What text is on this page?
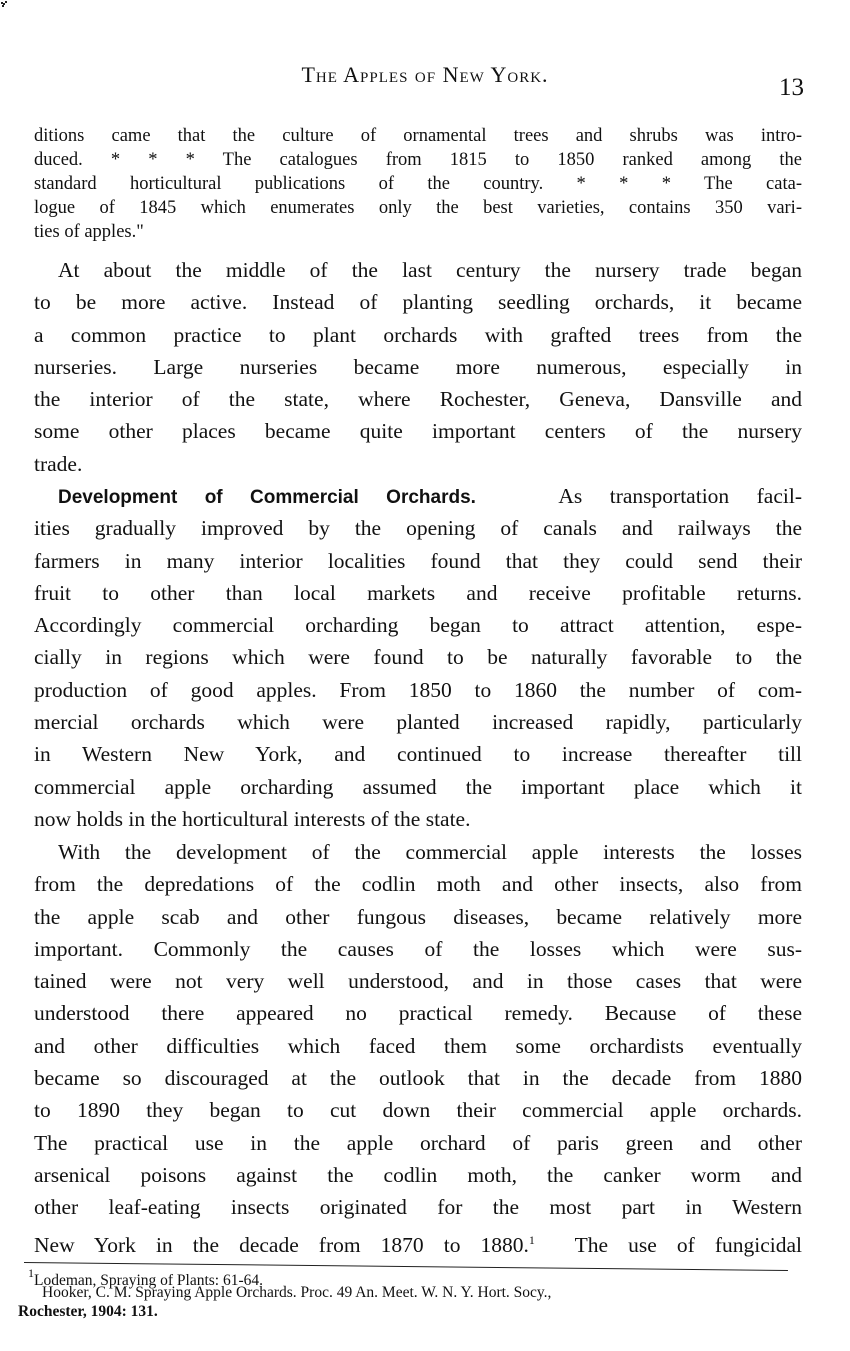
The Apples of New York.	13
ditions came that the culture of ornamental trees and shrubs was intro-
duced. * * * The catalogues from 1815 to 1850 ranked among the
standard horticultural publications of the country. * * * The cata-
logue of 1845 which enumerates only the best varieties, contains 350 vari-
ties of apples."
At about the middle of the last century the nursery trade began
to be more active. Instead of planting seedling orchards, it became
a common practice to plant orchards with grafted trees from the
nurseries. Large nurseries became more numerous, especially in
the interior of the state, where Rochester, Geneva, Dansville and
some other places became quite important centers of the nursery
trade.
Development of Commercial Orchards.	As transportation facil-
ities gradually improved by the opening of canals and railways the
farmers in many interior localities found that they could send their
fruit to other than local markets and receive profitable returns.
Accordingly commercial orcharding began to attract attention, espe-
cially in regions which were found to be naturally favorable to the
production of good apples. From 1850 to 1860 the number of com-
mercial orchards which were planted increased rapidly, particularly
in Western New York, and continued to increase thereafter till
commercial apple orcharding assumed the important place which it
now holds in the horticultural interests of the state.
With the development of the commercial apple interests the losses
from the depredations of the codlin moth and other insects, also from
the apple scab and other fungous diseases, became relatively more
important. Commonly the causes of the losses which were sus-
tained were not very well understood, and in those cases that were
understood there appeared no practical remedy. Because of these
and other difficulties which faced them some orchardists eventually
became so discouraged at the outlook that in the decade from 1880
to 1890 they began to cut down their commercial apple orchards.
The practical use in the apple orchard of paris green and other
arsenical poisons against the codlin moth, the canker worm and
other leaf-eating insects originated for the most part in Western
New York in the decade from 1870 to 1880.$^1$  The use of fungicidal
$^1$Lodeman, Spraying of Plants: 61-64.
Hooker, C. M. Spraying Apple Orchards. Proc. 49 An. Meet. W. N. Y. Hort. Socy.,
Rochester, 1904: 131.
